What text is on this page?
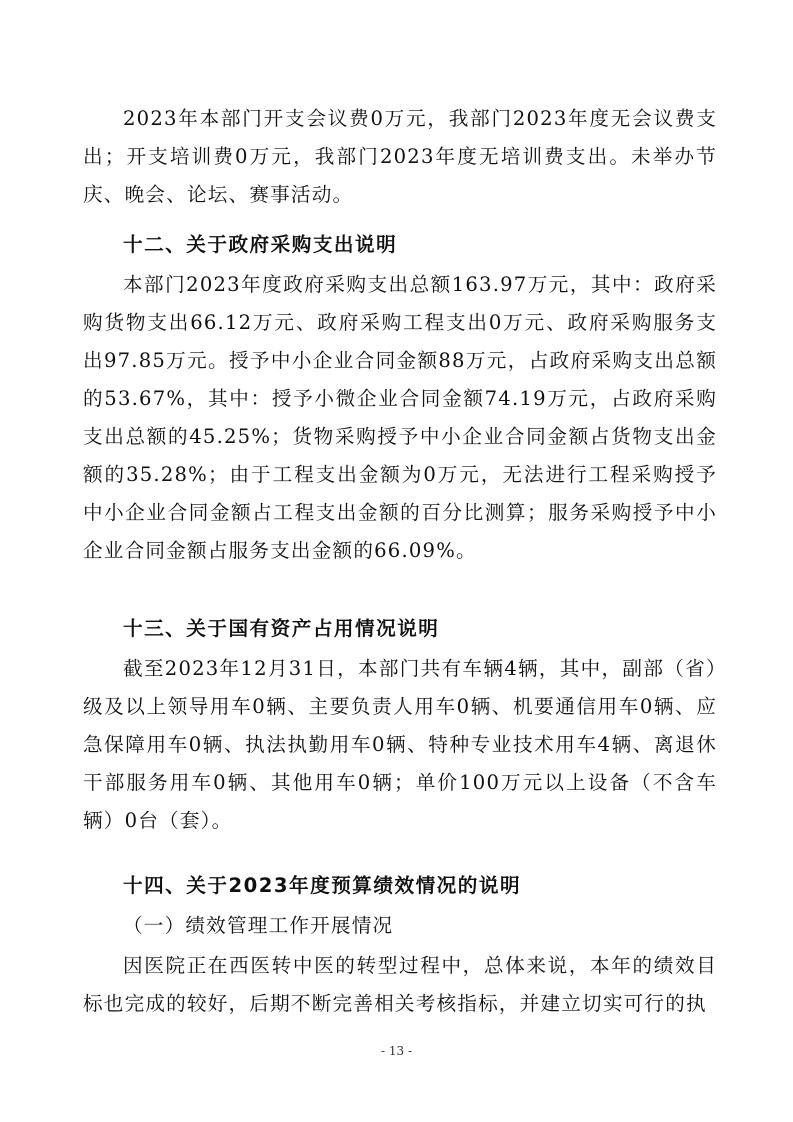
2023年本部门开支会议费0万元，我部门2023年度无会议费支出；开支培训费0万元，我部门2023年度无培训费支出。未举办节庆、晚会、论坛、赛事活动。

十二、关于政府采购支出说明

本部门2023年度政府采购支出总额163.97万元，其中：政府采购货物支出66.12万元、政府采购工程支出0万元、政府采购服务支出97.85万元。授予中小企业合同金额88万元，占政府采购支出总额的53.67%，其中：授予小微企业合同金额74.19万元，占政府采购支出总额的45.25%；货物采购授予中小企业合同金额占货物支出金额的35.28%；由于工程支出金额为0万元，无法进行工程采购授予中小企业合同金额占工程支出金额的百分比测算；服务采购授予中小企业合同金额占服务支出金额的66.09%。

十三、关于国有资产占用情况说明

截至2023年12月31日，本部门共有车辆4辆，其中，副部（省）级及以上领导用车0辆、主要负责人用车0辆、机要通信用车0辆、应急保障用车0辆、执法执勤用车0辆、特种专业技术用车4辆、离退休干部服务用车0辆、其他用车0辆；单价100万元以上设备（不含车辆）0台（套）。

十四、关于2023年度预算绩效情况的说明

（一）绩效管理工作开展情况

因医院正在西医转中医的转型过程中，总体来说，本年的绩效目标也完成的较好，后期不断完善相关考核指标，并建立切实可行的执

- 13 -
